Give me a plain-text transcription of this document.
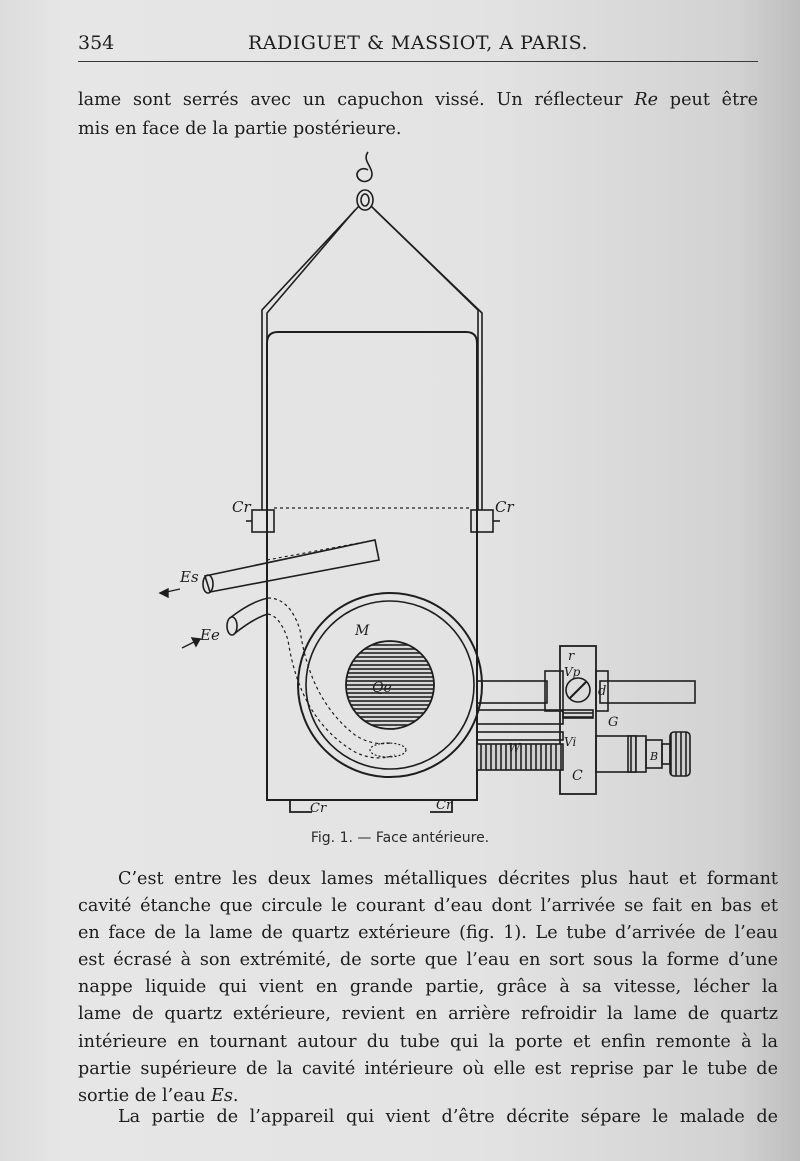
354	RADIGUET & MASSIOT, A PARIS.

lame sont serrés avec un capuchon vissé. Un réflecteur Re peut être
mis en face de la partie postérieure.

Cr	Cr
Es
Ee	M
Qe
r
Vp
d
G
Vi
W
C
B
Cr	Cr
Fig. 1. — Face antérieure.

C’est entre les deux lames métalliques décrites plus haut et formant
cavité étanche que circule le courant d’eau dont l’arrivée se fait en bas et
en face de la lame de quartz extérieure (fig. 1). Le tube d’arrivée de l’eau
est écrasé à son extrémité, de sorte que l’eau en sort sous la forme d’une
nappe liquide qui vient en grande partie, grâce à sa vitesse, lécher la
lame de quartz extérieure, revient en arrière refroidir la lame de quartz
intérieure en tournant autour du tube qui la porte et enfin remonte à la
partie supérieure de la cavité intérieure où elle est reprise par le tube de
sortie de l’eau Es.

La partie de l’appareil qui vient d’être décrite sépare le malade de
